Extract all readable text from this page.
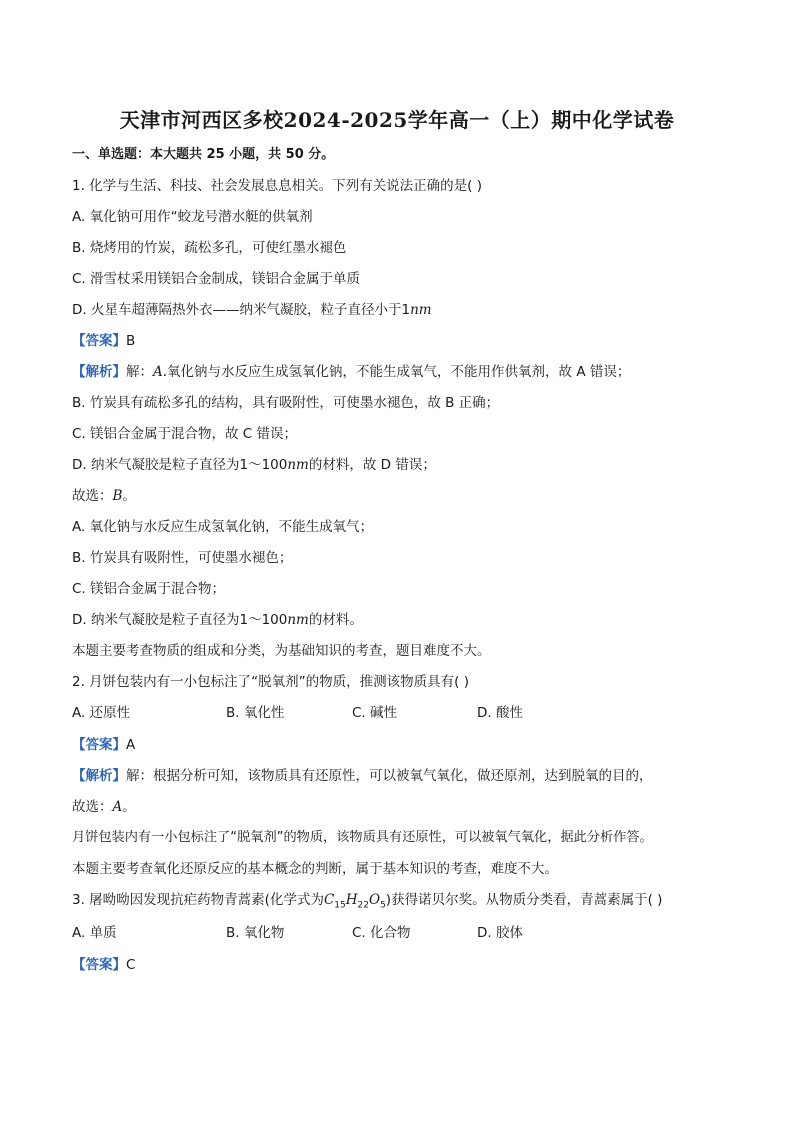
天津市河西区多校2024-2025学年高一（上）期中化学试卷
一、单选题：本大题共 25 小题，共 50 分。
1. 化学与生活、科技、社会发展息息相关。下列有关说法正确的是( )
A. 氧化钠可用作“蛟龙号潜水艇的供氧剂
B. 烧烤用的竹炭，疏松多孔，可使红墨水褪色
C. 滑雪杖采用镁铝合金制成，镁铝合金属于单质
D. 火星车超薄隔热外衣——纳米气凝胶，粒子直径小于1nm
【答案】B
【解析】解：A.氧化钠与水反应生成氢氧化钠，不能生成氧气，不能用作供氧剂，故 A 错误；
B. 竹炭具有疏松多孔的结构，具有吸附性，可使墨水褪色，故 B 正确；
C. 镁铝合金属于混合物，故 C 错误；
D. 纳米气凝胶是粒子直径为1～100nm的材料，故 D 错误；
故选：B。
A. 氧化钠与水反应生成氢氧化钠，不能生成氧气；
B. 竹炭具有吸附性，可使墨水褪色；
C. 镁铝合金属于混合物；
D. 纳米气凝胶是粒子直径为1～100nm的材料。
本题主要考查物质的组成和分类，为基础知识的考查，题目难度不大。
2. 月饼包装内有一小包标注了“脱氧剂”的物质，推测该物质具有( )
A. 还原性	B. 氧化性	C. 碱性	D. 酸性
【答案】A
【解析】解：根据分析可知，该物质具有还原性，可以被氧气氧化，做还原剂，达到脱氧的目的，
故选：A。
月饼包装内有一小包标注了“脱氧剂”的物质，该物质具有还原性，可以被氧气氧化，据此分析作答。
本题主要考查氧化还原反应的基本概念的判断，属于基本知识的考查，难度不大。
3. 屠呦呦因发现抗疟药物青蒿素(化学式为$C_{15}H_{22}O_5$)获得诺贝尔奖。从物质分类看，青蒿素属于( )
A. 单质	B. 氧化物	C. 化合物	D. 胶体
【答案】C
